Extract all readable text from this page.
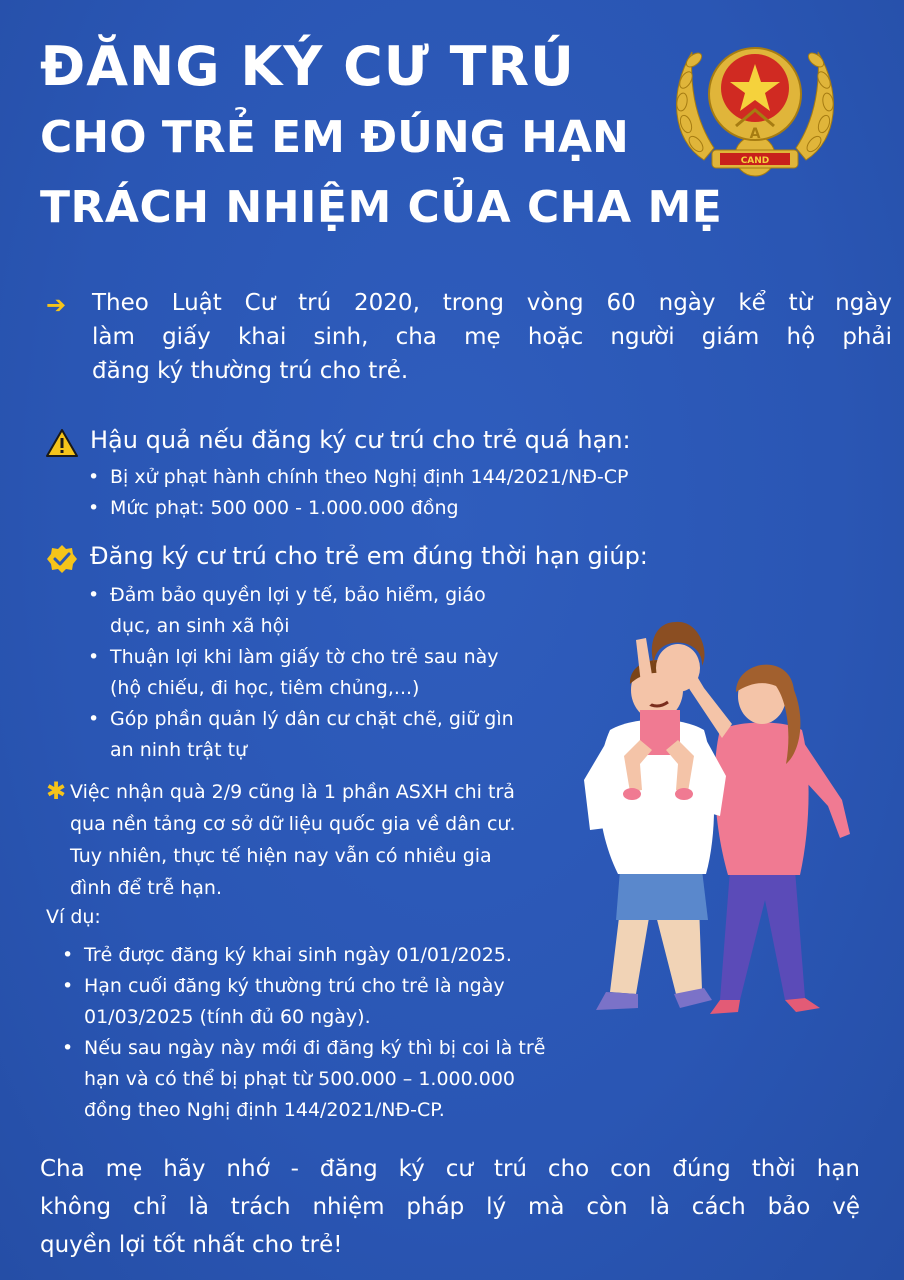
ĐĂNG KÝ CƯ TRÚ
CHO TRẺ EM ĐÚNG HẠN
TRÁCH NHIỆM CỦA CHA MẸ
CAND
A
➔ Theo Luật Cư trú 2020, trong vòng 60 ngày kể từ ngày
làm giấy khai sinh, cha mẹ hoặc người giám hộ phải
đăng ký thường trú cho trẻ.
Hậu quả nếu đăng ký cư trú cho trẻ quá hạn:
• Bị xử phạt hành chính theo Nghị định 144/2021/NĐ-CP
• Mức phạt: 500 000 - 1.000.000 đồng
Đăng ký cư trú cho trẻ em đúng thời hạn giúp:
• Đảm bảo quyền lợi y tế, bảo hiểm, giáo
dục, an sinh xã hội
• Thuận lợi khi làm giấy tờ cho trẻ sau này
(hộ chiếu, đi học, tiêm chủng,...)
• Góp phần quản lý dân cư chặt chẽ, giữ gìn
an ninh trật tự
✱ Việc nhận quà 2/9 cũng là 1 phần ASXH chi trả
qua nền tảng cơ sở dữ liệu quốc gia về dân cư.
Tuy nhiên, thực tế hiện nay vẫn có nhiều gia
đình để trễ hạn.
Ví dụ:
• Trẻ được đăng ký khai sinh ngày 01/01/2025.
• Hạn cuối đăng ký thường trú cho trẻ là ngày
01/03/2025 (tính đủ 60 ngày).
• Nếu sau ngày này mới đi đăng ký thì bị coi là trễ
hạn và có thể bị phạt từ 500.000 – 1.000.000
đồng theo Nghị định 144/2021/NĐ-CP.
Cha mẹ hãy nhớ - đăng ký cư trú cho con đúng thời hạn
không chỉ là trách nhiệm pháp lý mà còn là cách bảo vệ
quyền lợi tốt nhất cho trẻ!
